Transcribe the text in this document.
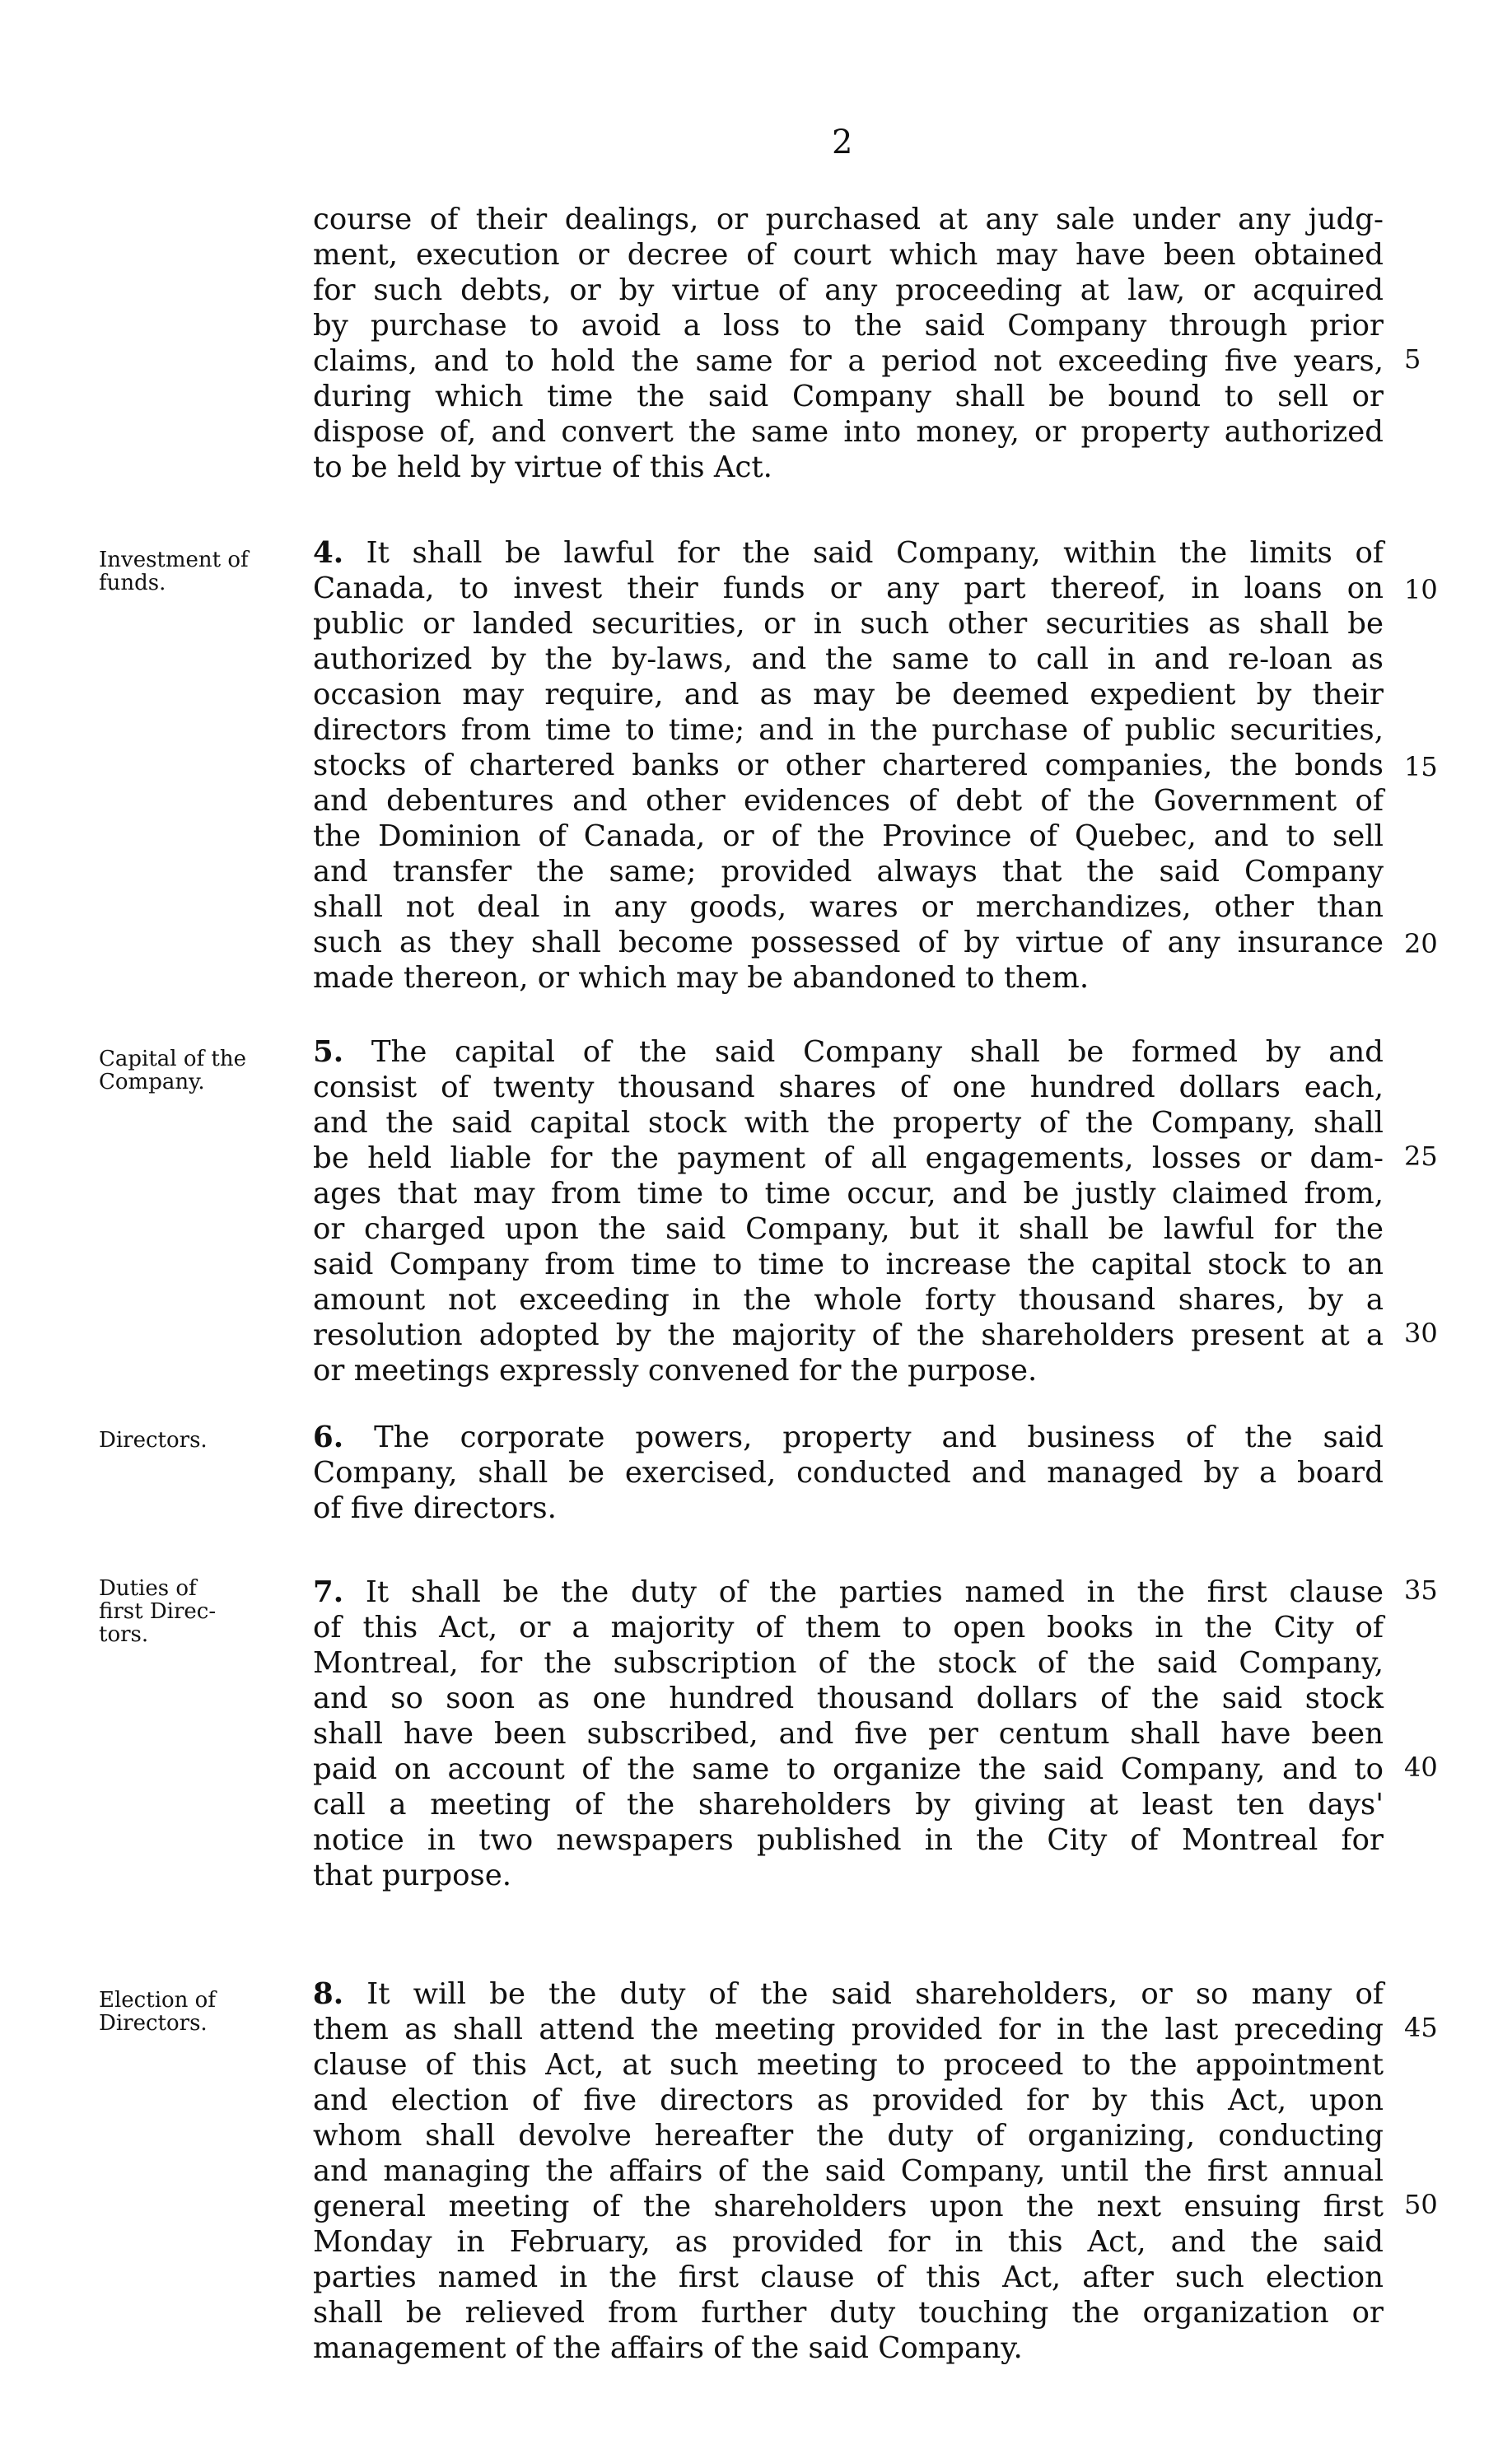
2
course of their dealings, or purchased at any sale under any judg-
ment, execution or decree of court which may have been obtained
for such debts, or by virtue of any proceeding at law, or acquired
by purchase to avoid a loss to the said Company through prior
claims, and to hold the same for a period not exceeding five years,
during which time the said Company shall be bound to sell or
dispose of, and convert the same into money, or property authorized
to be held by virtue of this Act.
Investment of
funds.
4. It shall be lawful for the said Company, within the limits of
Canada, to invest their funds or any part thereof, in loans on
public or landed securities, or in such other securities as shall be
authorized by the by-laws, and the same to call in and re-loan as
occasion may require, and as may be deemed expedient by their
directors from time to time; and in the purchase of public securities,
stocks of chartered banks or other chartered companies, the bonds
and debentures and other evidences of debt of the Government of
the Dominion of Canada, or of the Province of Quebec, and to sell
and transfer the same; provided always that the said Company
shall not deal in any goods, wares or merchandizes, other than
such as they shall become possessed of by virtue of any insurance
made thereon, or which may be abandoned to them.
Capital of the
Company.
5. The capital of the said Company shall be formed by and
consist of twenty thousand shares of one hundred dollars each,
and the said capital stock with the property of the Company, shall
be held liable for the payment of all engagements, losses or dam-
ages that may from time to time occur, and be justly claimed from,
or charged upon the said Company, but it shall be lawful for the
said Company from time to time to increase the capital stock to an
amount not exceeding in the whole forty thousand shares, by a
resolution adopted by the majority of the shareholders present at a
or meetings expressly convened for the purpose.
Directors.	6. The corporate powers, property and business of the said
Company, shall be exercised, conducted and managed by a board
of five directors.
Duties of
first Direc-
tors.
7. It shall be the duty of the parties named in the first clause
of this Act, or a majority of them to open books in the City of
Montreal, for the subscription of the stock of the said Company,
and so soon as one hundred thousand dollars of the said stock
shall have been subscribed, and five per centum shall have been
paid on account of the same to organize the said Company, and to
call a meeting of the shareholders by giving at least ten days'
notice in two newspapers published in the City of Montreal for
that purpose.
Election of
Directors.
8. It will be the duty of the said shareholders, or so many of
them as shall attend the meeting provided for in the last preceding
clause of this Act, at such meeting to proceed to the appointment
and election of five directors as provided for by this Act, upon
whom shall devolve hereafter the duty of organizing, conducting
and managing the affairs of the said Company, until the first annual
general meeting of the shareholders upon the next ensuing first
Monday in February, as provided for in this Act, and the said
parties named in the first clause of this Act, after such election
shall be relieved from further duty touching the organization or
management of the affairs of the said Company.
5
10
15
20
25
30
35
40
45
50
